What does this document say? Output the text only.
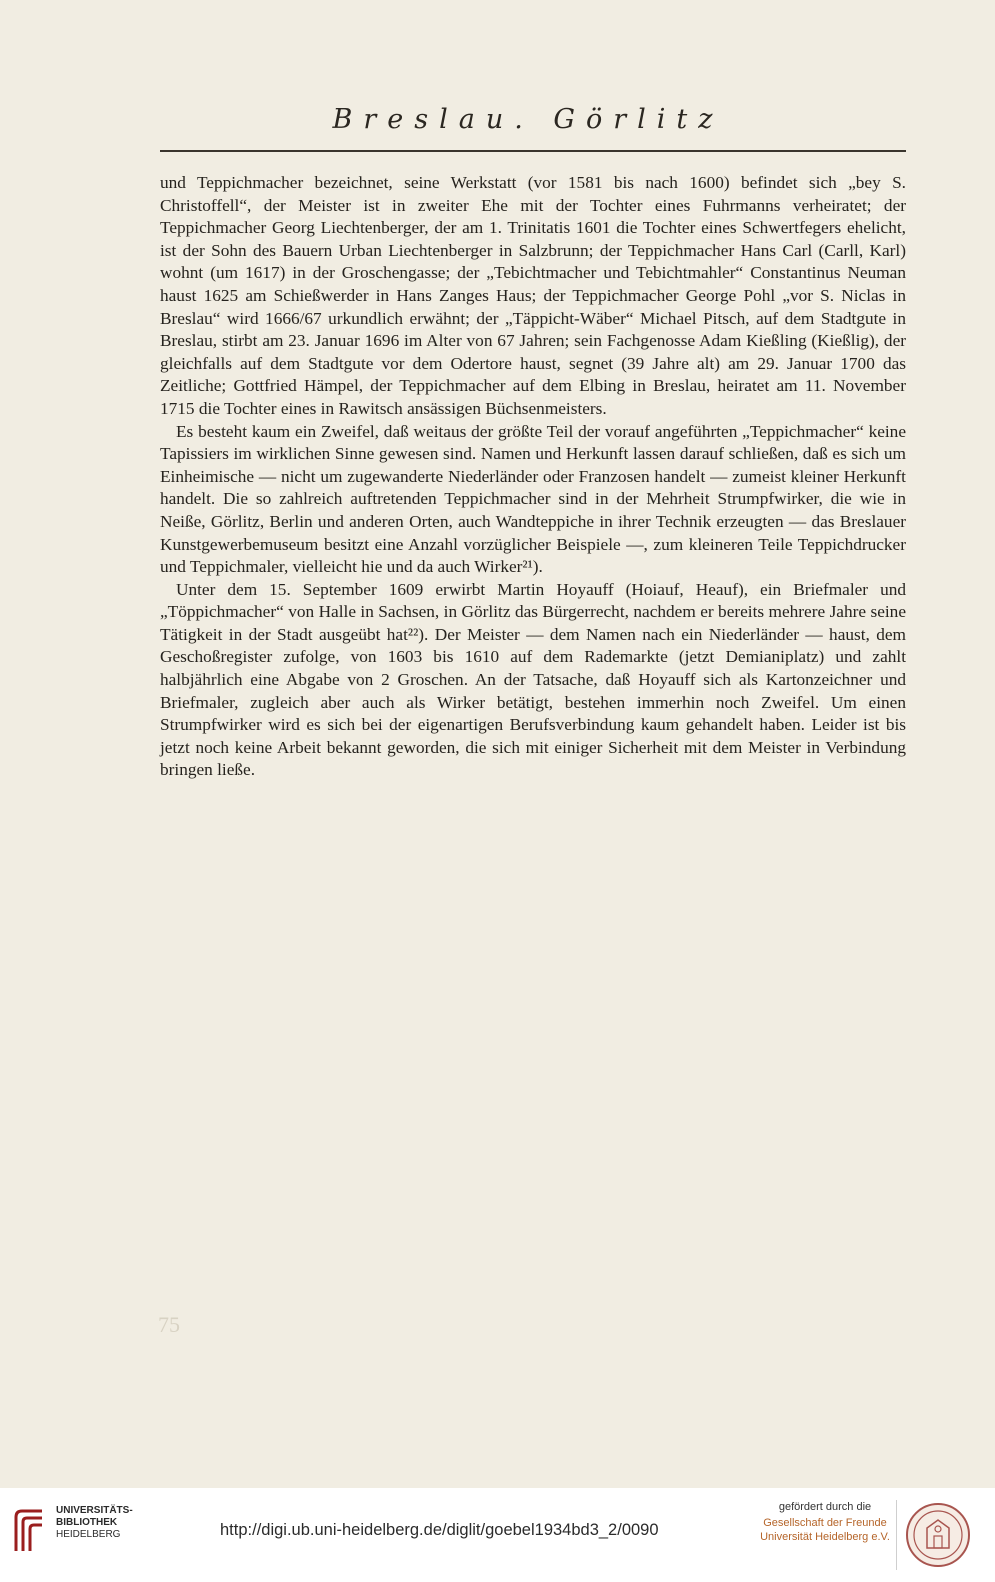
Breslau. Görlitz

und Teppichmacher bezeichnet, seine Werkstatt (vor 1581 bis nach 1600) befindet sich „bey S. Christoffell“, der Meister ist in zweiter Ehe mit der Tochter eines Fuhrmanns verheiratet; der Teppichmacher Georg Liechtenberger, der am 1. Trinitatis 1601 die Tochter eines Schwertfegers ehelicht, ist der Sohn des Bauern Urban Liechtenberger in Salzbrunn; der Teppichmacher Hans Carl (Carll, Karl) wohnt (um 1617) in der Groschengasse; der „Tebichtmacher und Tebichtmahler“ Constantinus Neuman haust 1625 am Schießwerder in Hans Zanges Haus; der Teppichmacher George Pohl „vor S. Niclas in Breslau“ wird 1666/67 urkundlich erwähnt; der „Täppicht-Wäber“ Michael Pitsch, auf dem Stadtgute in Breslau, stirbt am 23. Januar 1696 im Alter von 67 Jahren; sein Fachgenosse Adam Kießling (Kießlig), der gleichfalls auf dem Stadtgute vor dem Odertore haust, segnet (39 Jahre alt) am 29. Januar 1700 das Zeitliche; Gottfried Hämpel, der Teppichmacher auf dem Elbing in Breslau, heiratet am 11. November 1715 die Tochter eines in Rawitsch ansässigen Büchsenmeisters.

Es besteht kaum ein Zweifel, daß weitaus der größte Teil der vorauf angeführten „Teppichmacher“ keine Tapissiers im wirklichen Sinne gewesen sind. Namen und Herkunft lassen darauf schließen, daß es sich um Einheimische — nicht um zugewanderte Niederländer oder Franzosen handelt — zumeist kleiner Herkunft handelt. Die so zahlreich auftretenden Teppichmacher sind in der Mehrheit Strumpfwirker, die wie in Neiße, Görlitz, Berlin und anderen Orten, auch Wandteppiche in ihrer Technik erzeugten — das Breslauer Kunstgewerbemuseum besitzt eine Anzahl vorzüglicher Beispiele —, zum kleineren Teile Teppichdrucker und Teppichmaler, vielleicht hie und da auch Wirker²¹).

Unter dem 15. September 1609 erwirbt Martin Hoyauff (Hoiauf, Heauf), ein Briefmaler und „Töppichmacher“ von Halle in Sachsen, in Görlitz das Bürgerrecht, nachdem er bereits mehrere Jahre seine Tätigkeit in der Stadt ausgeübt hat²²). Der Meister — dem Namen nach ein Niederländer — haust, dem Geschoßregister zufolge, von 1603 bis 1610 auf dem Rademarkte (jetzt Demianiplatz) und zahlt halbjährlich eine Abgabe von 2 Groschen. An der Tatsache, daß Hoyauff sich als Kartonzeichner und Briefmaler, zugleich aber auch als Wirker betätigt, bestehen immerhin noch Zweifel. Um einen Strumpfwirker wird es sich bei der eigenartigen Berufsverbindung kaum gehandelt haben. Leider ist bis jetzt noch keine Arbeit bekannt geworden, die sich mit einiger Sicherheit mit dem Meister in Verbindung bringen ließe.

75
UNIVERSITÄTS-
BIBLIOTHEK
HEIDELBERG	http://digi.ub.uni-heidelberg.de/diglit/goebel1934bd3_2/0090
gefördert durch die
Gesellschaft der Freunde
Universität Heidelberg e.V.
